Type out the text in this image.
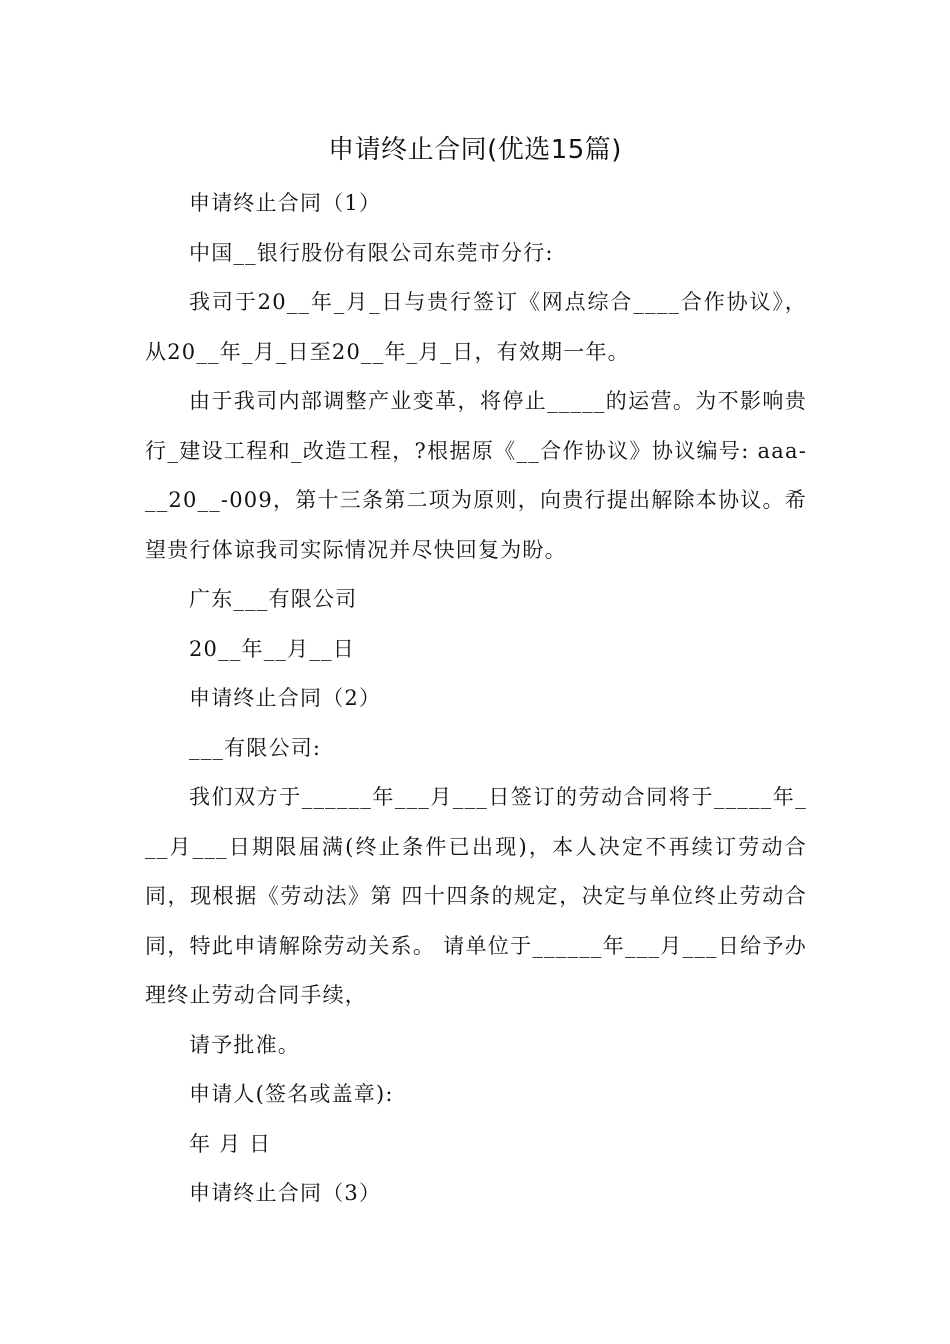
申请终止合同(优选15篇)

申请终止合同（1）

中国__银行股份有限公司东莞市分行:

我司于20__年_月_日与贵行签订《网点综合____合作协议》，从20__年_月_日至20__年_月_日，有效期一年。

由于我司内部调整产业变革，将停止_____的运营。为不影响贵行_建设工程和_改造工程，?根据原《__合作协议》协议编号: aaa-__20__-009，第十三条第二项为原则，向贵行提出解除本协议。希望贵行体谅我司实际情况并尽快回复为盼。

广东___有限公司

20__年__月__日

申请终止合同（2）

___有限公司:

我们双方于______年___月___日签订的劳动合同将于_____年___月___日期限届满(终止条件已出现)，本人决定不再续订劳动合同，现根据《劳动法》第 四十四条的规定，决定与单位终止劳动合同，特此申请解除劳动关系。 请单位于______年___月___日给予办理终止劳动合同手续，

请予批准。

申请人(签名或盖章):

年 月 日

申请终止合同（3）
